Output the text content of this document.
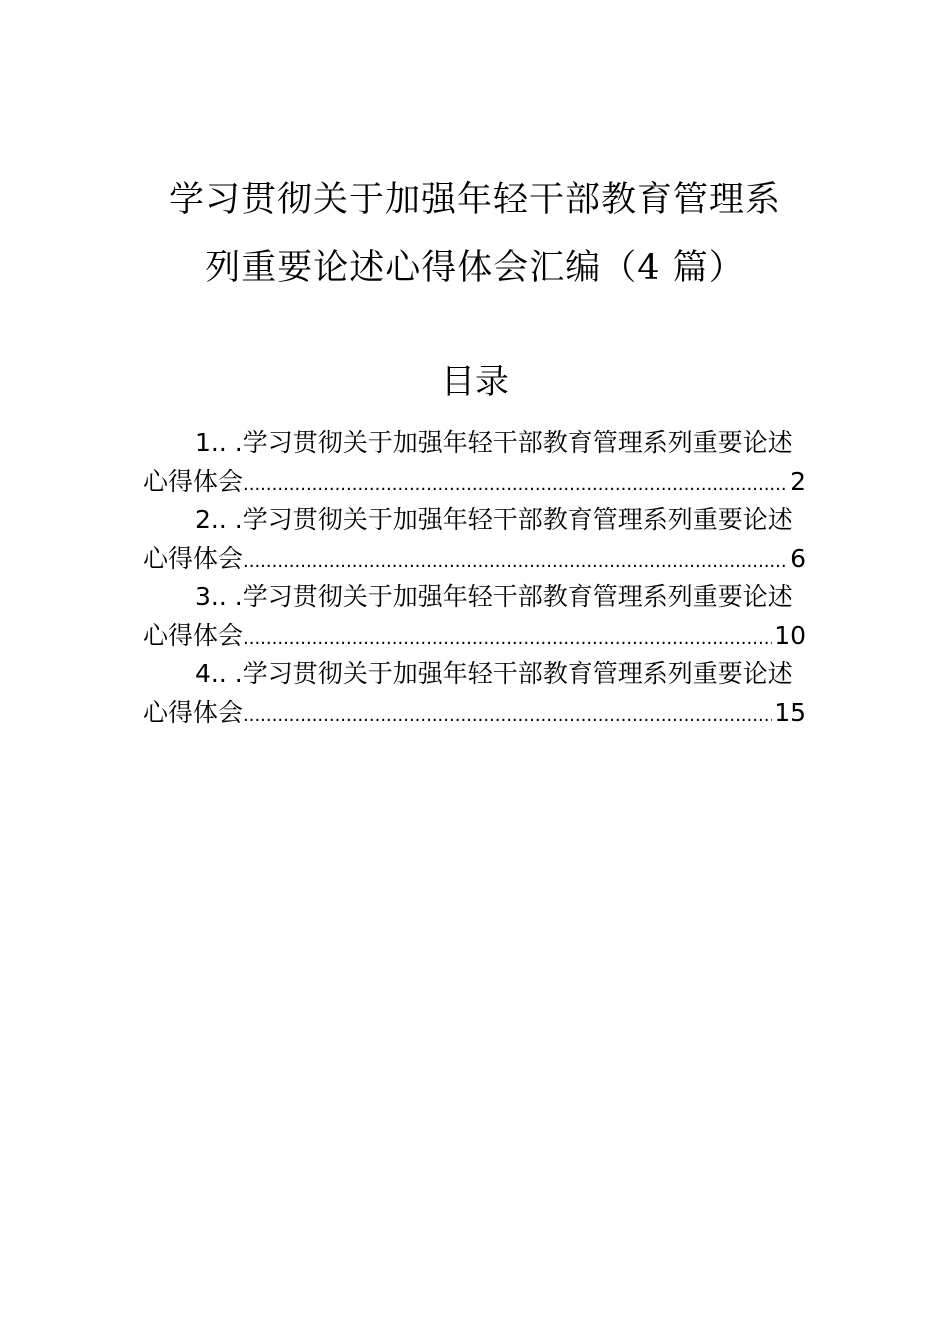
学习贯彻关于加强年轻干部教育管理系
列重要论述心得体会汇编（4 篇）
目录
1.. .学习贯彻关于加强年轻干部教育管理系列重要论述
心得体会 .....	2
2.. .学习贯彻关于加强年轻干部教育管理系列重要论述
心得体会 .....	6
3.. .学习贯彻关于加强年轻干部教育管理系列重要论述
心得体会 .....	10
4.. .学习贯彻关于加强年轻干部教育管理系列重要论述
心得体会 .....	15
